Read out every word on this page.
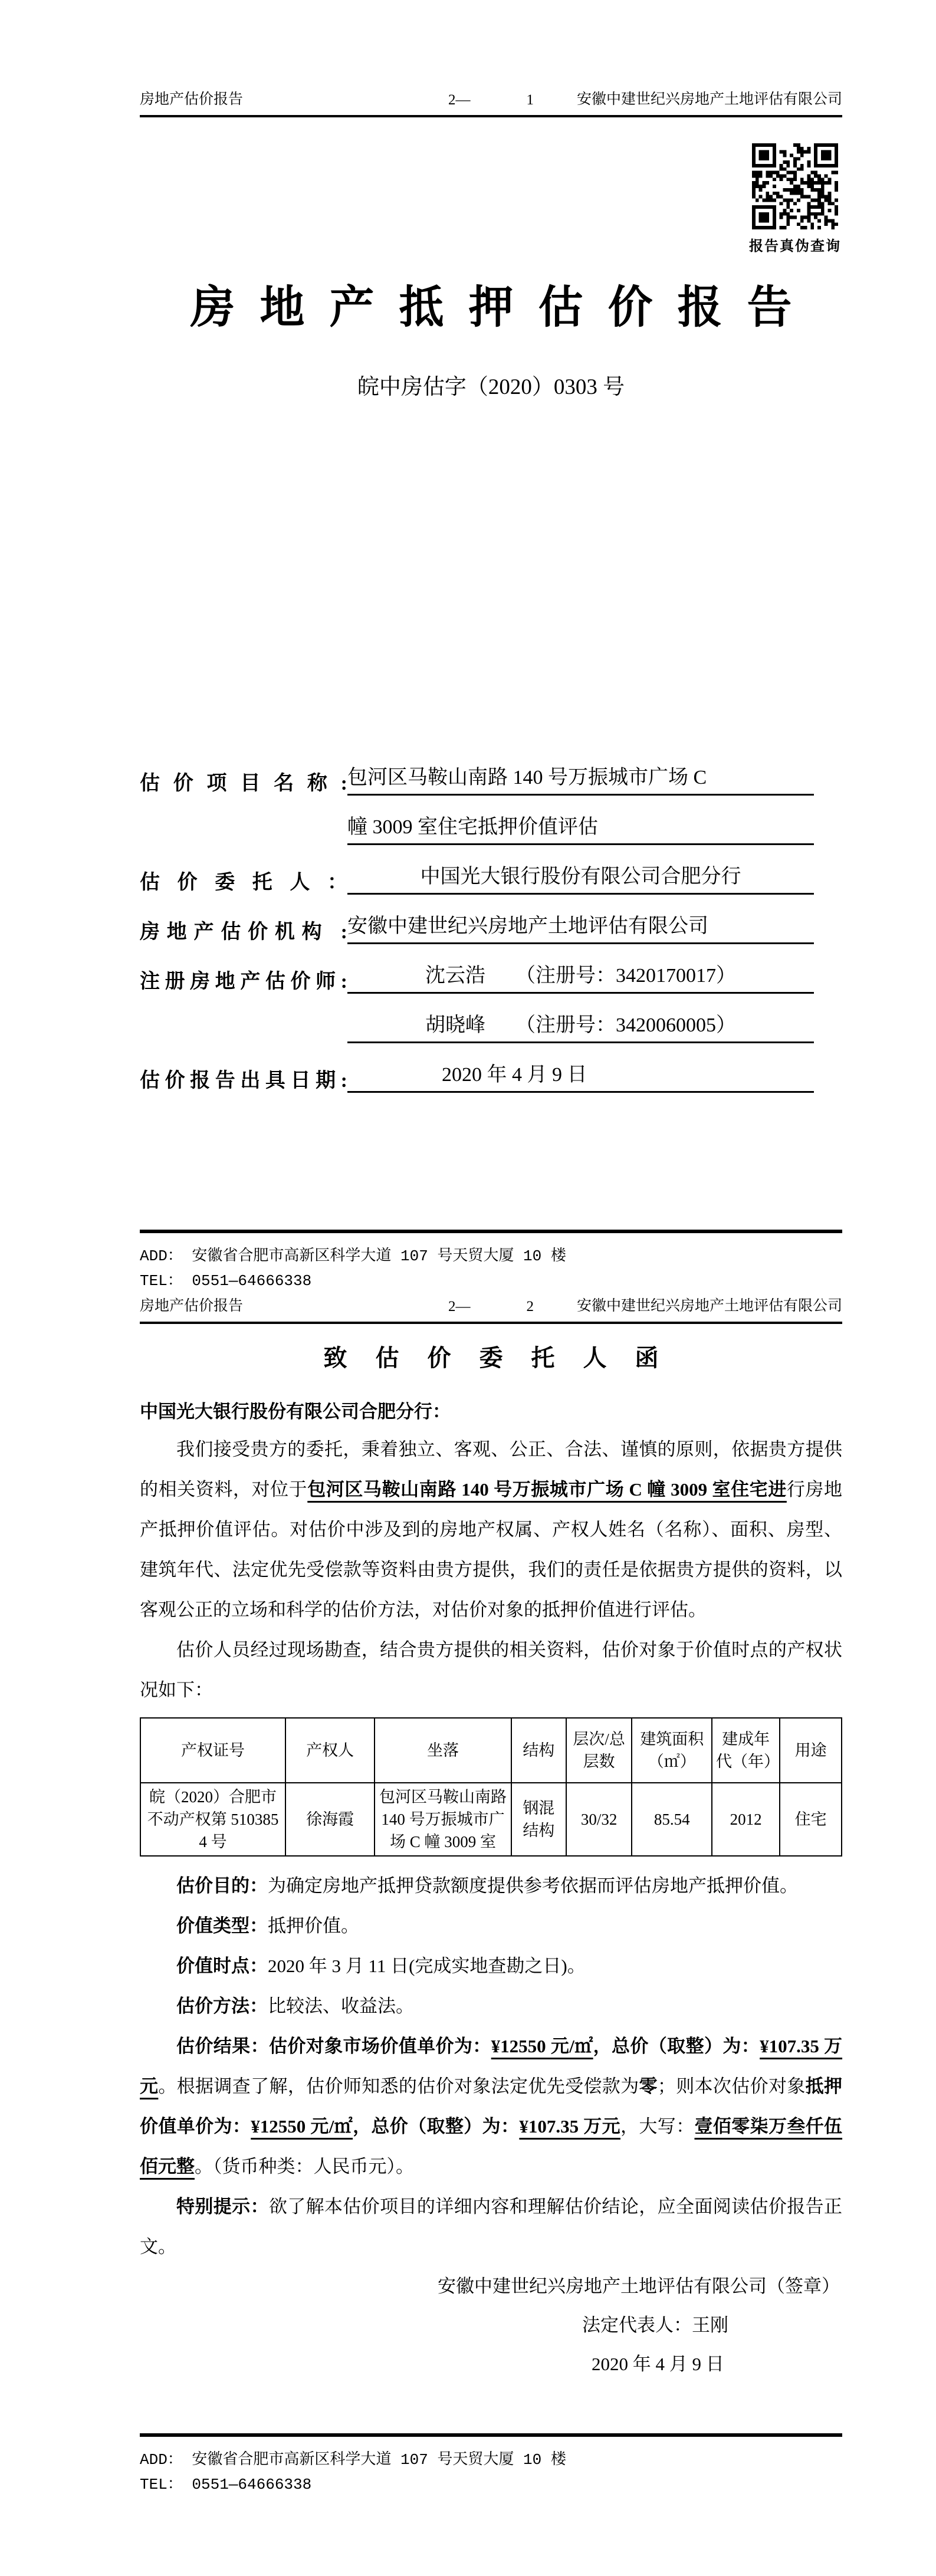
房地产估价报告	2—	1	安徽中建世纪兴房地产土地评估有限公司
报告真伪查询
房地产抵押估价报告
皖中房估字（2020）0303 号
估价项目名称: 包河区马鞍山南路 140 号万振城市广场 C
幢 3009 室住宅抵押价值评估
估价委托人：	中国光大银行股份有限公司合肥分行
房地产估价机构 : 安徽中建世纪兴房地产土地评估有限公司
注册房地产估价师:	沈云浩　　（注册号：3420170017）
胡晓峰　　（注册号：3420060005）
估价报告出具日期:	2020 年 4 月 9 日
ADD： 安徽省合肥市高新区科学大道 107 号天贸大厦 10 楼
TEL： 0551—64666338
房地产估价报告	2—	2	安徽中建世纪兴房地产土地评估有限公司
致估价委托人函
中国光大银行股份有限公司合肥分行：

我们接受贵方的委托，秉着独立、客观、公正、合法、谨慎的原则，依据贵方提供的相关资料，对位于包河区马鞍山南路 140 号万振城市广场 C 幢 3009 室住宅进行房地产抵押价值评估。对估价中涉及到的房地产权属、产权人姓名（名称）、面积、房型、建筑年代、法定优先受偿款等资料由贵方提供，我们的责任是依据贵方提供的资料，以客观公正的立场和科学的估价方法，对估价对象的抵押价值进行评估。

估价人员经过现场勘查，结合贵方提供的相关资料，估价对象于价值时点的产权状况如下：

产权证号	产权人	坐落	结构	层次/总层数	建筑面积（㎡）	建成年代（年）	用途
皖（2020）合肥市不动产权第 5103854 号	徐海霞	包河区马鞍山南路 140 号万振城市广场 C 幢 3009 室	钢混结构	30/32	85.54	2012	住宅

估价目的：为确定房地产抵押贷款额度提供参考依据而评估房地产抵押价值。

价值类型：抵押价值。

价值时点：2020 年 3 月 11 日(完成实地查勘之日)。

估价方法：比较法、收益法。

估价结果：估价对象市场价值单价为：¥12550 元/㎡，总价（取整）为：¥107.35 万元。根据调查了解，估价师知悉的估价对象法定优先受偿款为零；则本次估价对象抵押价值单价为：¥12550 元/㎡，总价（取整）为：¥107.35 万元，大写：壹佰零柒万叁仟伍佰元整。（货币种类：人民币元）。

特别提示：欲了解本估价项目的详细内容和理解估价结论，应全面阅读估价报告正文。

安徽中建世纪兴房地产土地评估有限公司（签章）
法定代表人：王刚
2020 年 4 月 9 日
ADD： 安徽省合肥市高新区科学大道 107 号天贸大厦 10 楼
TEL： 0551—64666338
